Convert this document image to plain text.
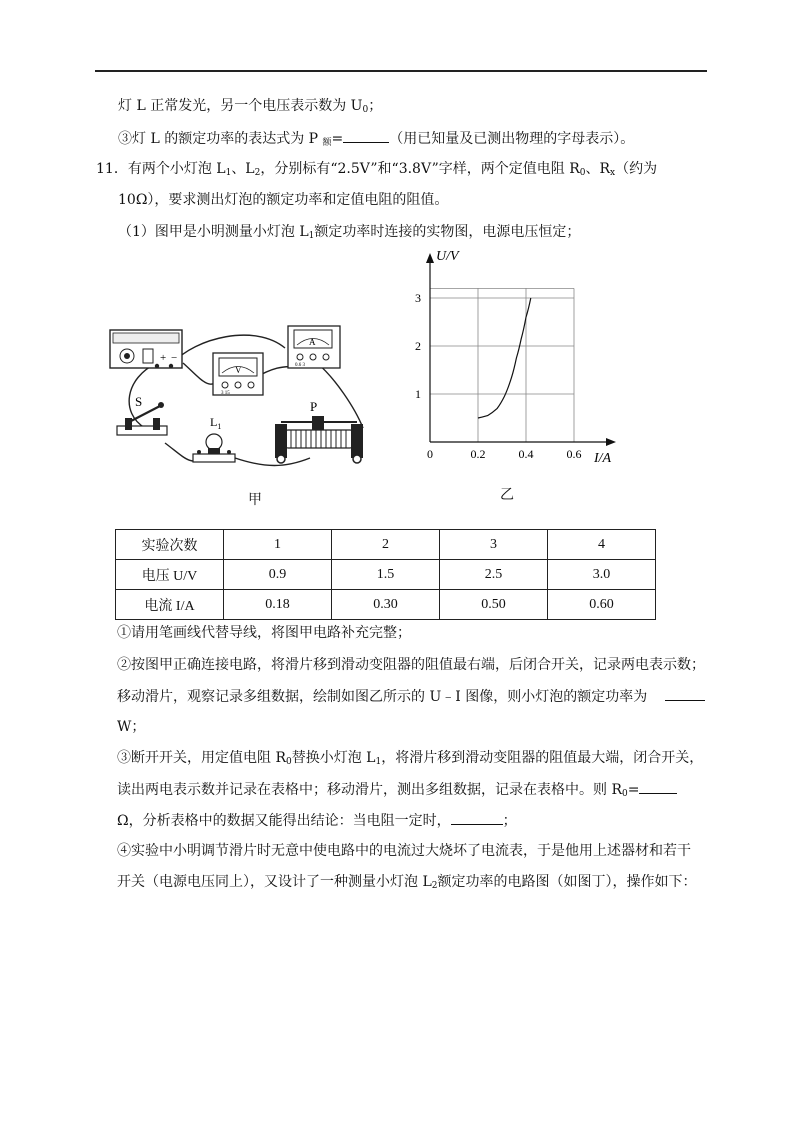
灯 L 正常发光，另一个电压表示数为 $U_0$；
③灯 L 的额定功率的表达式为 P $_额$=	（用已知量及已测出物理的字母表示）。
11．有两个小灯泡 $L_1$、$L_2$，分别标有“2.5V”和“3.8V”字样，两个定值电阻 $R_0$、$R_x$（约为
10Ω），要求测出灯泡的额定功率和定值电阻的阻值。
（1）图甲是小明测量小灯泡 $L_1$额定功率时连接的实物图，电源电压恒定；
+ −
V
3 15
A
0.6 3
S
$L_1$
P
甲
0	0.2	0.4	0.6
1
2
3
U/V
I/A
乙
实验次数	1	2	3	4
电压 U/V	0.9	1.5	2.5	3.0
电流 I/A	0.18	0.30	0.50	0.60
①请用笔画线代替导线，将图甲电路补充完整；
②按图甲正确连接电路，将滑片移到滑动变阻器的阻值最右端，后闭合开关，记录两电表示数；
移动滑片，观察记录多组数据，绘制如图乙所示的 U﹣I 图像，则小灯泡的额定功率为
W；
③断开开关，用定值电阻 $R_0$替换小灯泡 $L_1$，将滑片移到滑动变阻器的阻值最大端，闭合开关，
读出两电表示数并记录在表格中；移动滑片，测出多组数据，记录在表格中。则 $R_0=$
Ω，分析表格中的数据又能得出结论：当电阻一定时，	；
④实验中小明调节滑片时无意中使电路中的电流过大烧坏了电流表，于是他用上述器材和若干
开关（电源电压同上），又设计了一种测量小灯泡 $L_2$额定功率的电路图（如图丁），操作如下：
